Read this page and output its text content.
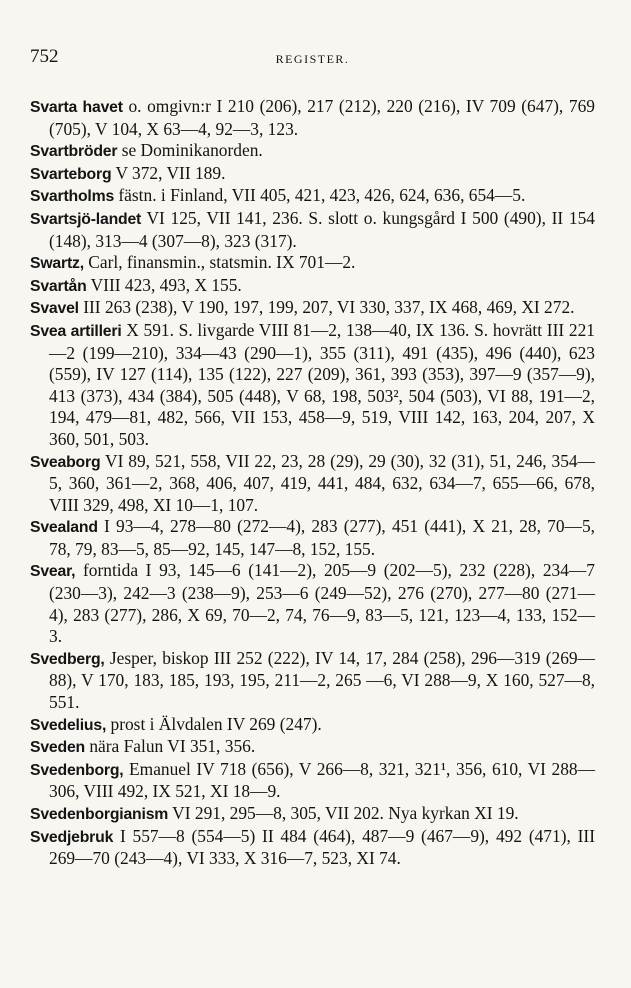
752	REGISTER.

Svarta havet o. omgivn:r I 210 (206), 217 (212), 220 (216), IV 709 (647), 769 (705), V 104, X 63—4, 92—3, 123.

Svartbröder se Dominikanorden.

Svarteborg V 372, VII 189.

Svartholms fästn. i Finland, VII 405, 421, 423, 426, 624, 636, 654—5.

Svartsjö-landet VI 125, VII 141, 236. S. slott o. kungsgård I 500 (490), II 154 (148), 313—4 (307—8), 323 (317).

Swartz, Carl, finansmin., statsmin. IX 701—2.

Svartån VIII 423, 493, X 155.

Svavel III 263 (238), V 190, 197, 199, 207, VI 330, 337, IX 468, 469, XI 272.

Svea artilleri X 591. S. livgarde VIII 81—2, 138—40, IX 136. S. hovrätt III 221—2 (199—210), 334—43 (290—1), 355 (311), 491 (435), 496 (440), 623 (559), IV 127 (114), 135 (122), 227 (209), 361, 393 (353), 397—9 (357—9), 413 (373), 434 (384), 505 (448), V 68, 198, 503², 504 (503), VI 88, 191—2, 194, 479—81, 482, 566, VII 153, 458—9, 519, VIII 142, 163, 204, 207, X 360, 501, 503.

Sveaborg VI 89, 521, 558, VII 22, 23, 28 (29), 29 (30), 32 (31), 51, 246, 354—5, 360, 361—2, 368, 406, 407, 419, 441, 484, 632, 634—7, 655—66, 678, VIII 329, 498, XI 10—1, 107.

Svealand I 93—4, 278—80 (272—4), 283 (277), 451 (441), X 21, 28, 70—5, 78, 79, 83—5, 85—92, 145, 147—8, 152, 155.

Svear, forntida I 93, 145—6 (141—2), 205—9 (202—5), 232 (228), 234—7 (230—3), 242—3 (238—9), 253—6 (249—52), 276 (270), 277—80 (271—4), 283 (277), 286, X 69, 70—2, 74, 76—9, 83—5, 121, 123—4, 133, 152—3.

Svedberg, Jesper, biskop III 252 (222), IV 14, 17, 284 (258), 296—319 (269—88), V 170, 183, 185, 193, 195, 211—2, 265 —6, VI 288—9, X 160, 527—8, 551.

Svedelius, prost i Älvdalen IV 269 (247).

Sveden nära Falun VI 351, 356.

Svedenborg, Emanuel IV 718 (656), V 266—8, 321, 321¹, 356, 610, VI 288—306, VIII 492, IX 521, XI 18—9.

Svedenborgianism VI 291, 295—8, 305, VII 202. Nya kyrkan XI 19.

Svedjebruk I 557—8 (554—5) II 484 (464), 487—9 (467—9), 492 (471), III 269—70 (243—4), VI 333, X 316—7, 523, XI 74.
